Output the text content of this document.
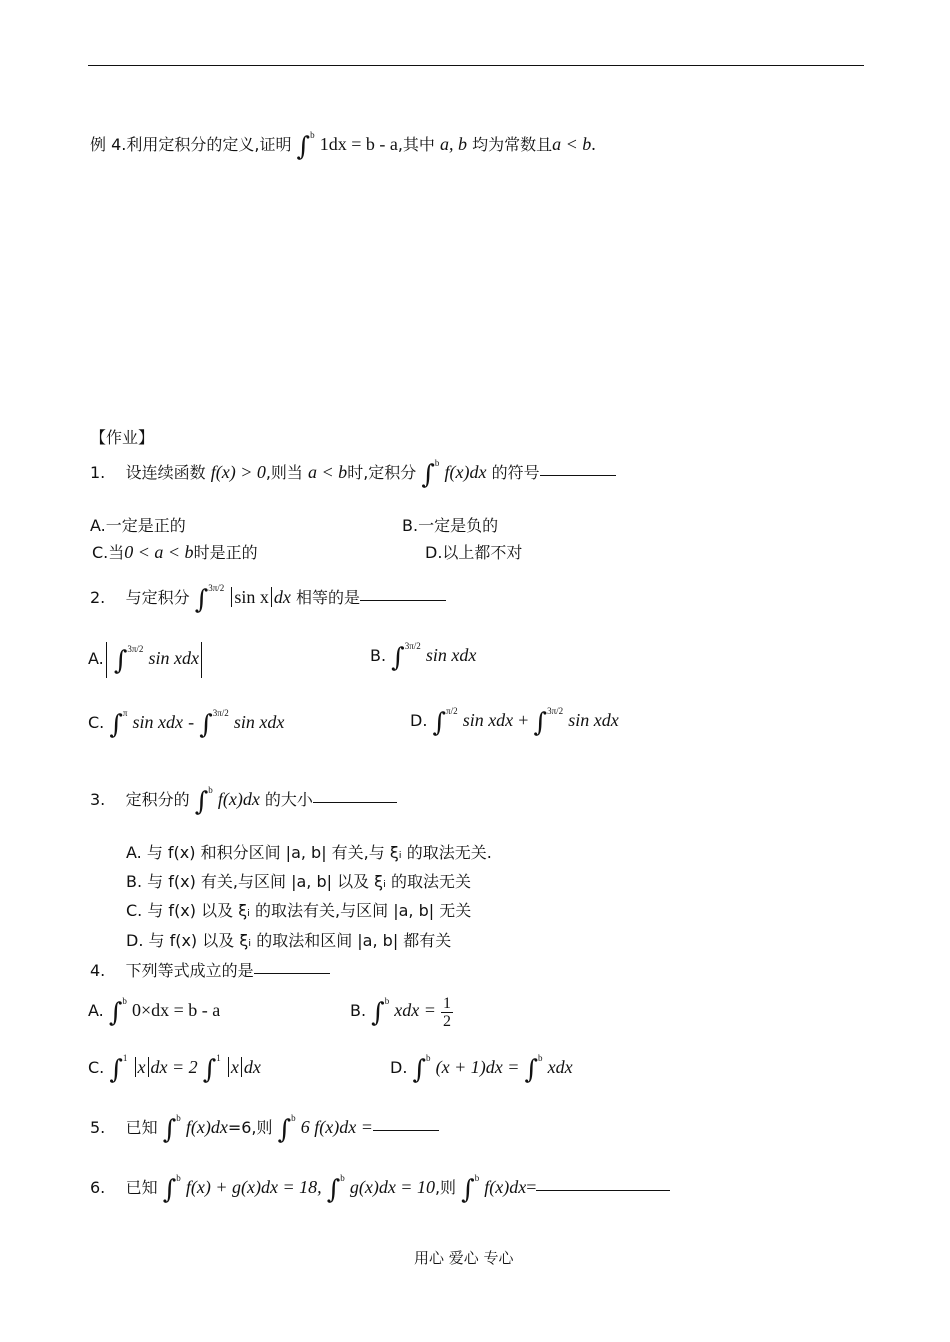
例 4.利用定积分的定义,证明 ∫$^b$ 1dx = b - a,其中 a, b 均为常数且a < b.
【作业】
1. 设连续函数 f(x) > 0,则当 a < b时,定积分 ∫$^b$ f(x)dx 的符号
A.一定是正的	B.一定是负的
C.当0 < a < b时是正的	D.以上都不对
2. 与定积分 ∫$^{3\pi/2}$ sin x dx 相等的是
A. ∫$^{3\pi/2}$ sin xdx	B. ∫$^{3\pi/2}$ sin xdx
C. ∫$^\pi$ sin xdx - ∫$^{3\pi/2}$ sin xdx	D. ∫$^{\pi/2}$ sin xdx + ∫$^{3\pi/2}$ sin xdx
3. 定积分的 ∫$^b$ f(x)dx 的大小
A. 与 f(x) 和积分区间 |a, b| 有关,与 ξᵢ 的取法无关.
B. 与 f(x) 有关,与区间 |a, b| 以及 ξᵢ 的取法无关
C. 与 f(x) 以及 ξᵢ 的取法有关,与区间 |a, b| 无关
D. 与 f(x) 以及 ξᵢ 的取法和区间 |a, b| 都有关
4. 下列等式成立的是
A. ∫$^b$ 0×dx = b - a	B. ∫$^b$ xdx = 1
2
C. ∫$^1$ x dx = 2 ∫$^1$ x dx	D. ∫$^b$ (x + 1)dx = ∫$^b$ xdx
5. 已知 ∫$^b$ f(x)dx=6,则 ∫$^b$ 6 f(x)dx =
6. 已知 ∫$^b$ f(x) + g(x)dx = 18, ∫$^b$ g(x)dx = 10,则 ∫$^b$ f(x)dx=
用心 爱心 专心
